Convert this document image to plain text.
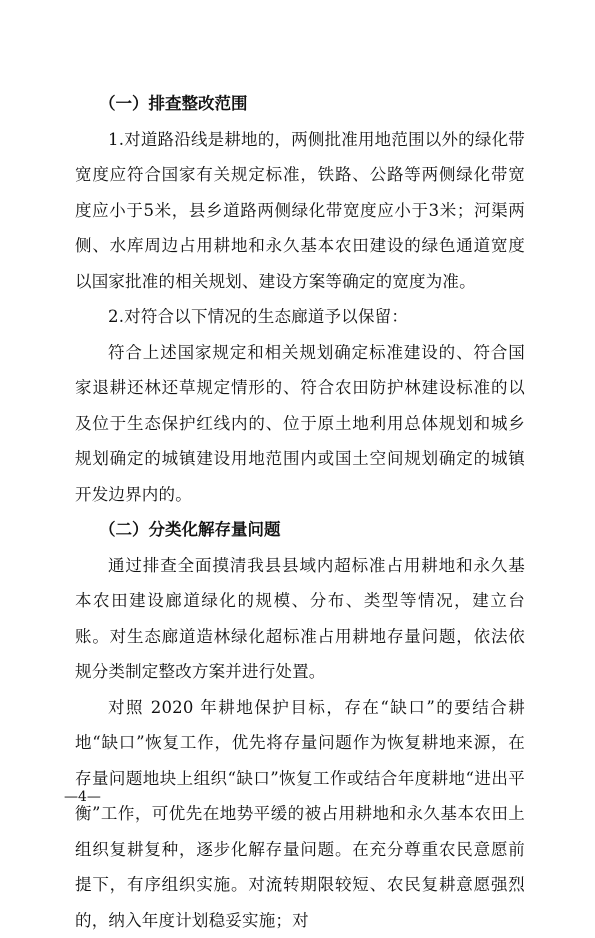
（一）排查整改范围

1.对道路沿线是耕地的，两侧批准用地范围以外的绿化带宽度应符合国家有关规定标准，铁路、公路等两侧绿化带宽度应小于5米，县乡道路两侧绿化带宽度应小于3米；河渠两侧、水库周边占用耕地和永久基本农田建设的绿色通道宽度以国家批准的相关规划、建设方案等确定的宽度为准。

2.对符合以下情况的生态廊道予以保留：

符合上述国家规定和相关规划确定标准建设的、符合国家退耕还林还草规定情形的、符合农田防护林建设标准的以及位于生态保护红线内的、位于原土地利用总体规划和城乡规划确定的城镇建设用地范围内或国土空间规划确定的城镇开发边界内的。

（二）分类化解存量问题

通过排查全面摸清我县县域内超标准占用耕地和永久基本农田建设廊道绿化的规模、分布、类型等情况，建立台账。对生态廊道造林绿化超标准占用耕地存量问题，依法依规分类制定整改方案并进行处置。

对照 2020 年耕地保护目标，存在“缺口”的要结合耕地“缺口”恢复工作，优先将存量问题作为恢复耕地来源，在存量问题地块上组织“缺口”恢复工作或结合年度耕地“进出平衡”工作，可优先在地势平缓的被占用耕地和永久基本农田上组织复耕复种，逐步化解存量问题。在充分尊重农民意愿前提下，有序组织实施。对流转期限较短、农民复耕意愿强烈的，纳入年度计划稳妥实施；对

—4—
